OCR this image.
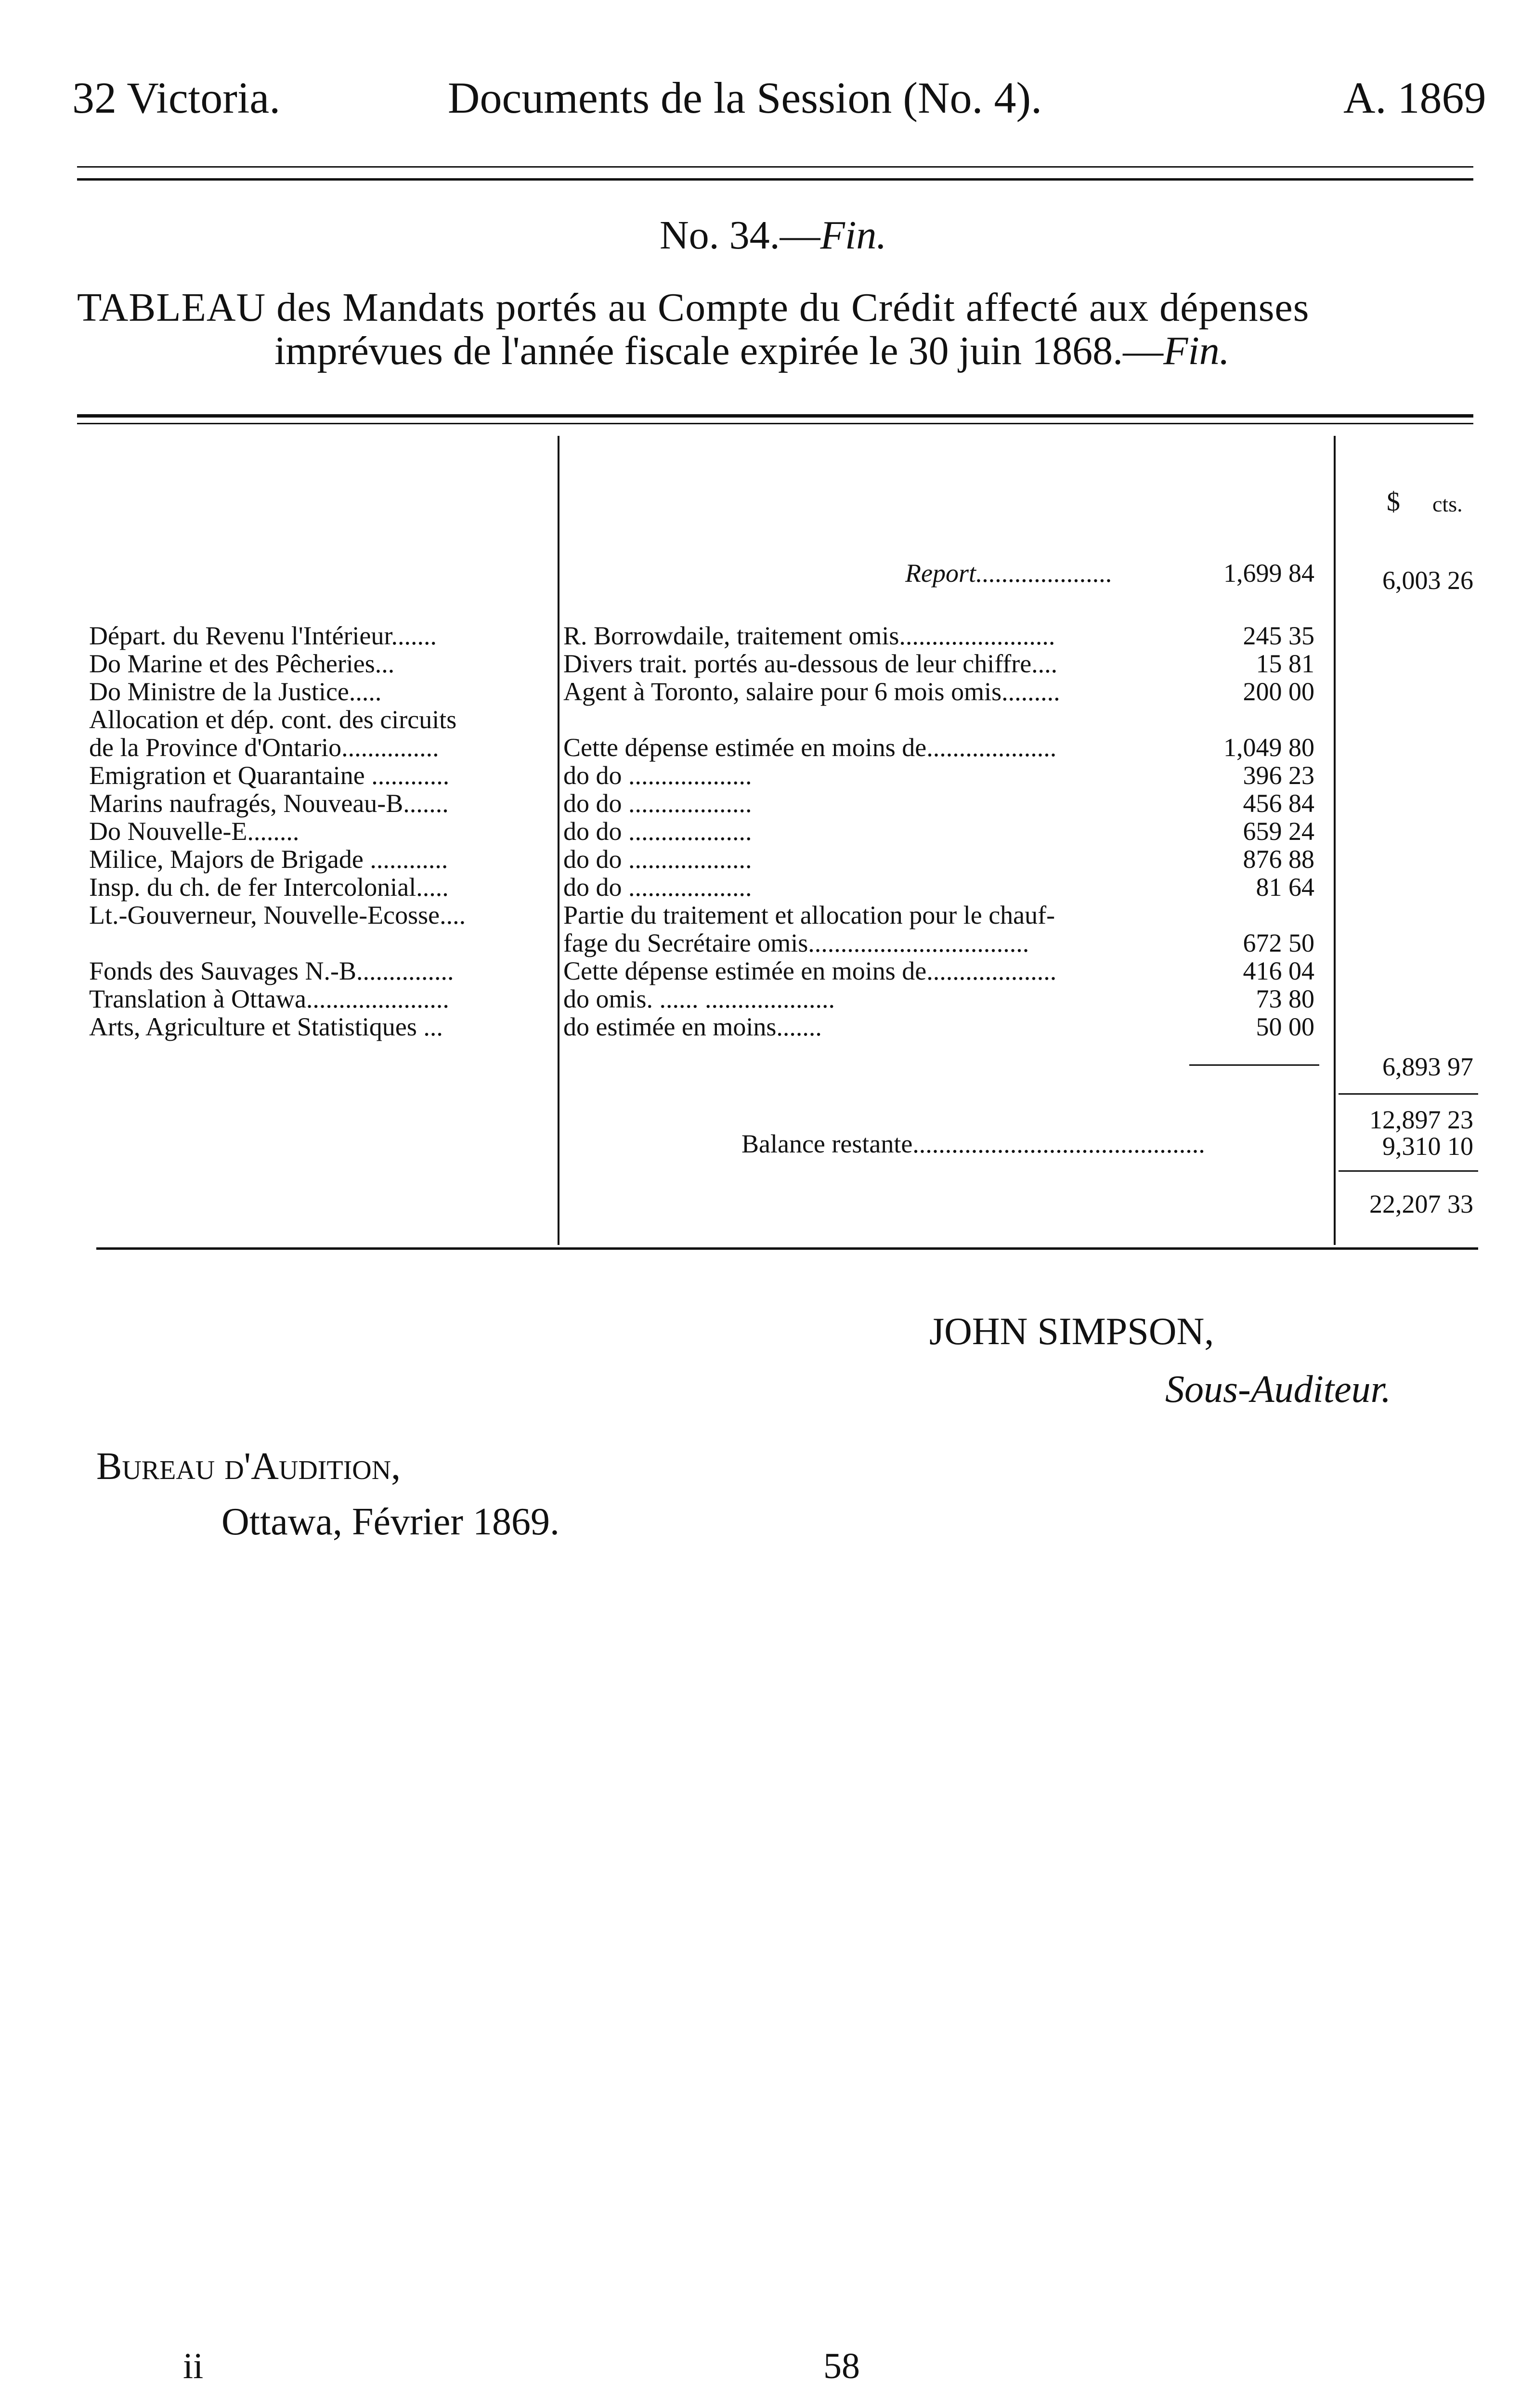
32 Victoria.	Documents de la Session (No. 4).	A. 1869
No. 34.—Fin.
TABLEAU des Mandats portés au Compte du Crédit affecté aux dépenses
imprévues de l'année fiscale expirée le 30 juin 1868.—Fin.
$ cts.
Report.....................	1,699 84	6,003 26
Départ. du Revenu l'Intérieur.......	R. Borrowdaile, traitement omis........................	245 35
Do Marine et des Pêcheries...	Divers trait. portés au-dessous de leur chiffre....	15 81
Do Ministre de la Justice.....	Agent à Toronto, salaire pour 6 mois omis.........	200 00
Allocation et dép. cont. des circuits
de la Province d'Ontario...............	Cette dépense estimée en moins de....................	1,049 80
Emigration et Quarantaine ............	do do ...................	396 23
Marins naufragés, Nouveau-B.......	do do ...................	456 84
Do Nouvelle-E........	do do ...................	659 24
Milice, Majors de Brigade ............	do do ...................	876 88
Insp. du ch. de fer Intercolonial.....	do do ...................	81 64
Lt.-Gouverneur, Nouvelle-Ecosse....	Partie du traitement et allocation pour le chauf-
fage du Secrétaire omis..................................	672 50
Fonds des Sauvages N.-B...............	Cette dépense estimée en moins de....................	416 04
Translation à Ottawa......................	do omis. ...... ....................	73 80
Arts, Agriculture et Statistiques ...	do estimée en moins.......	50 00
6,893 97
12,897 23
Balance restante.............................................	9,310 10
22,207 33
JOHN SIMPSON,
Sous-Auditeur.
Bureau d'Audition,
Ottawa, Février 1869.
ii	58
